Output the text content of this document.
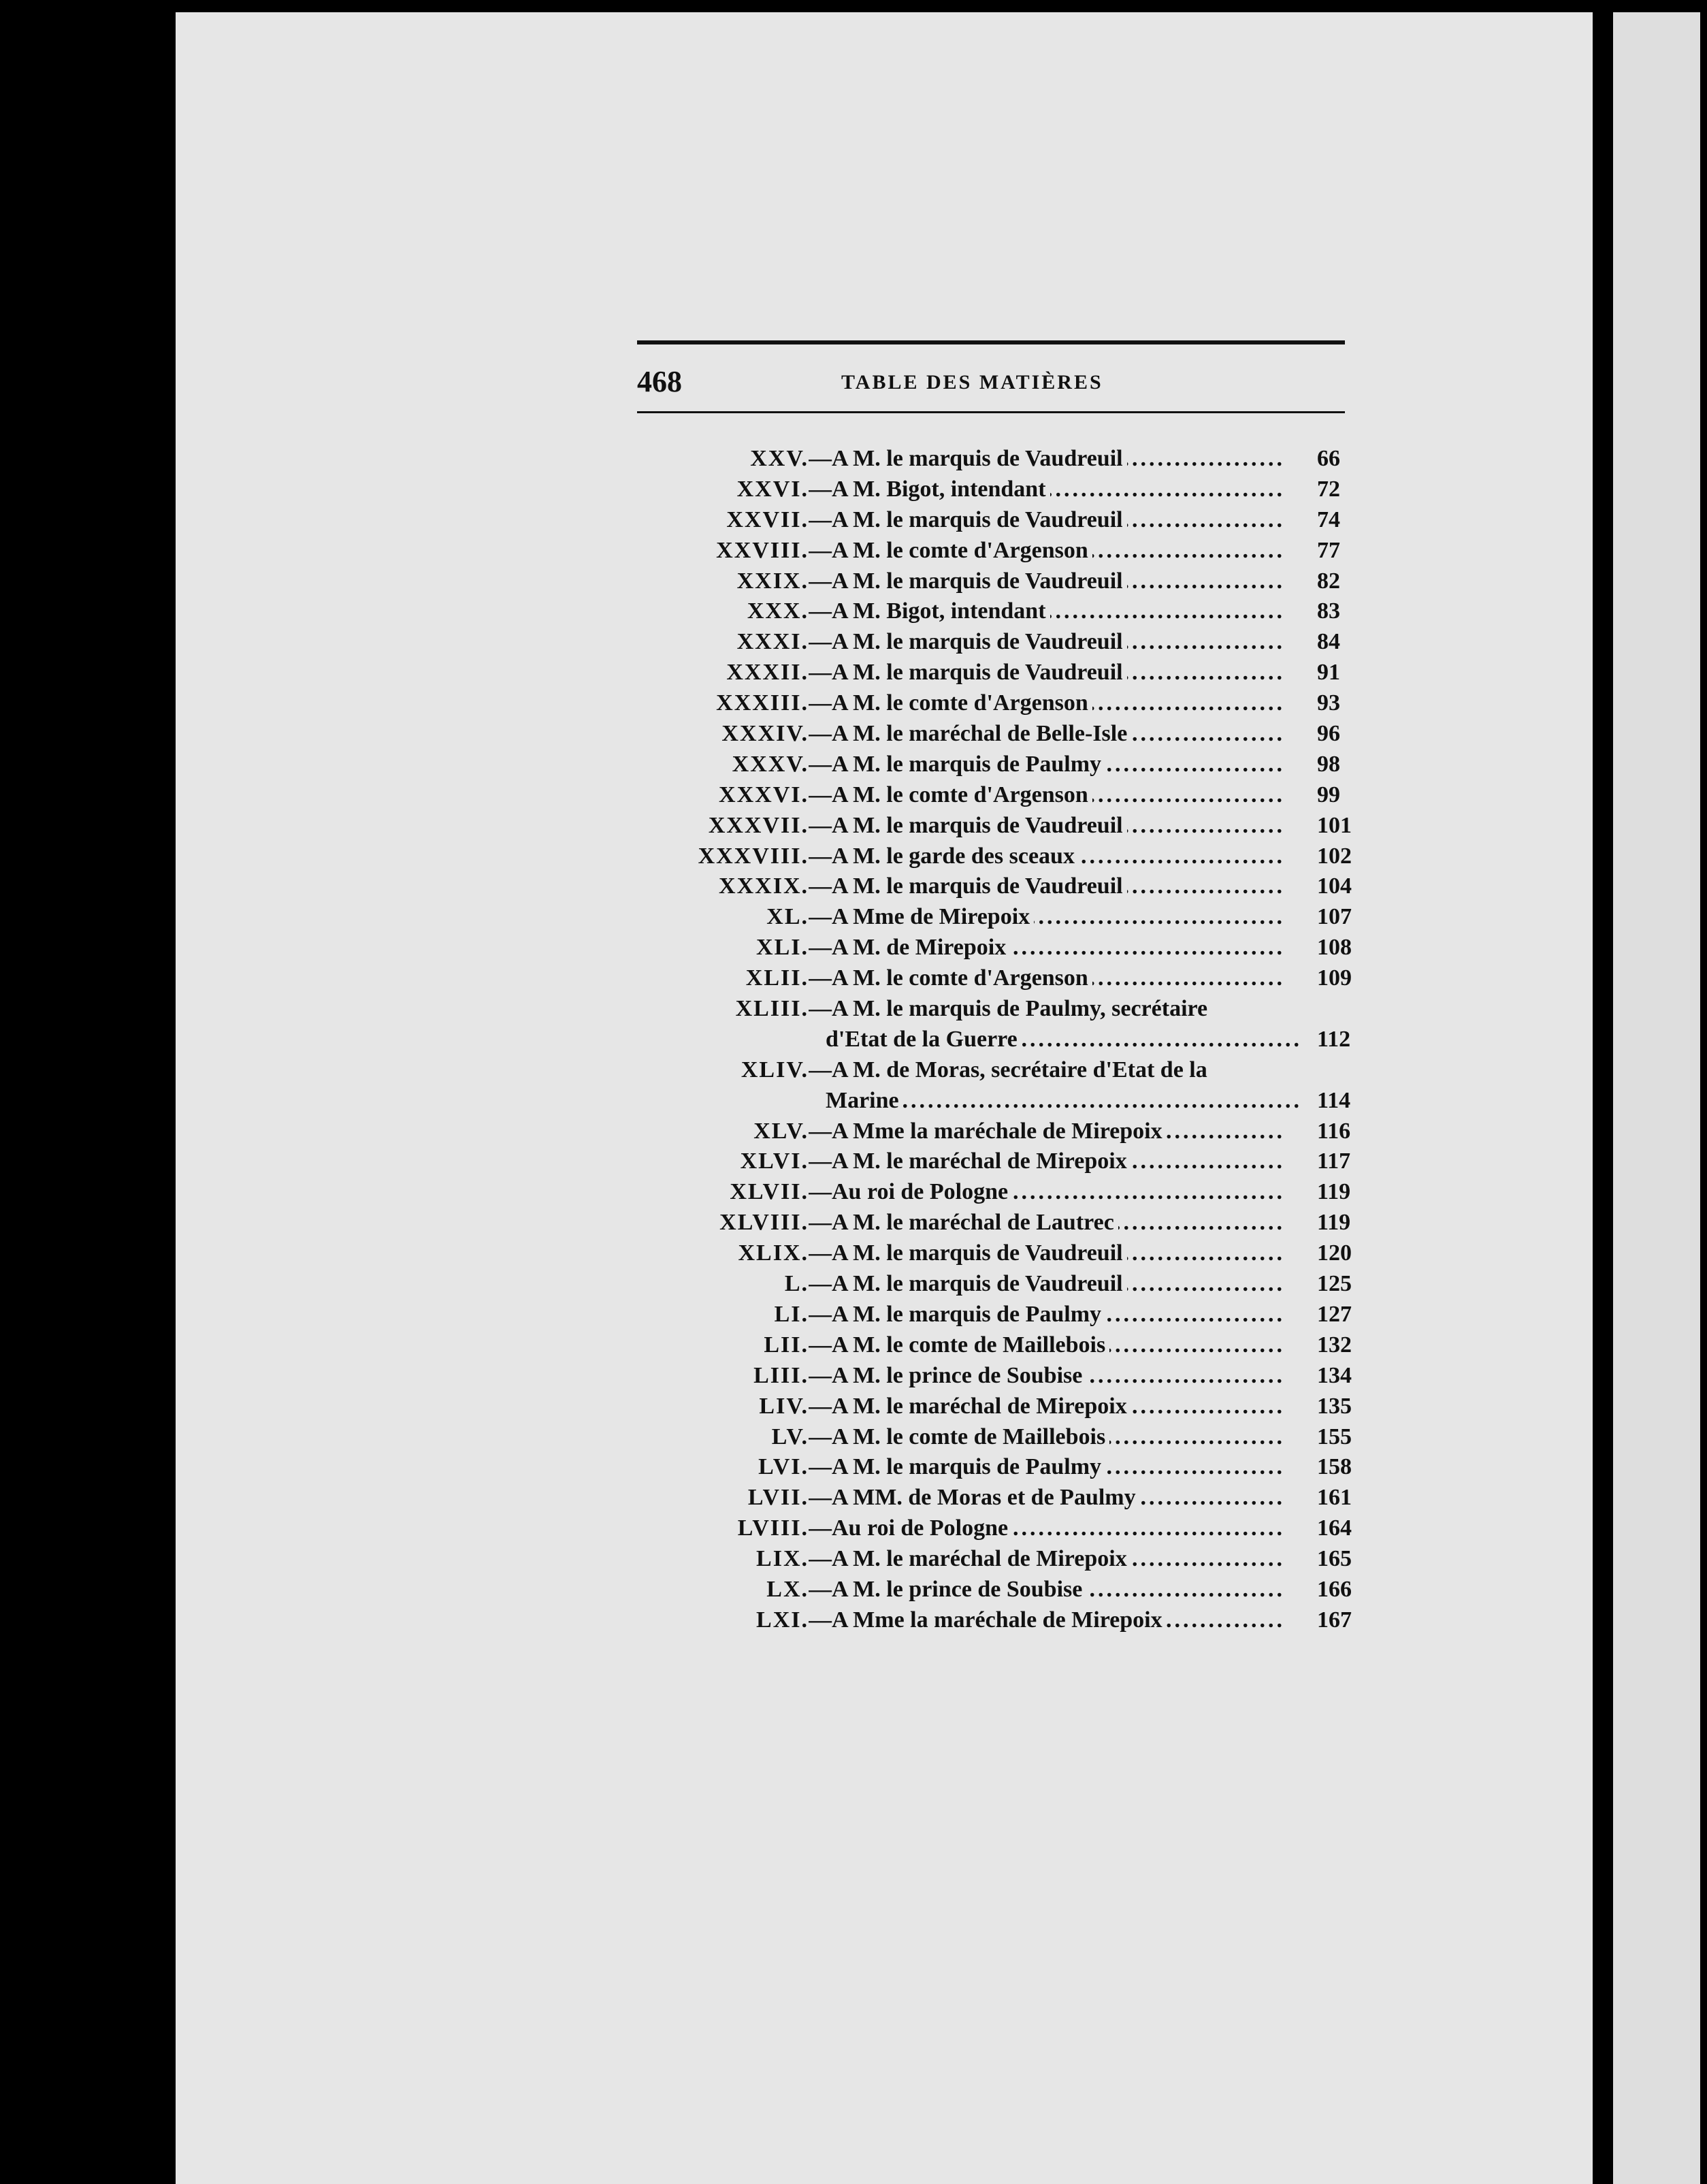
468	TABLE DES MATIÈRES
XXV. —A M. le marquis de Vaudreuil .....	66
XXVI. —A M. Bigot, intendant .....	72
XXVII. —A M. le marquis de Vaudreuil .....	74
XXVIII. —A M. le comte d'Argenson .....	77
XXIX. —A M. le marquis de Vaudreuil .....	82
XXX. —A M. Bigot, intendant .....	83
XXXI. —A M. le marquis de Vaudreuil .....	84
XXXII. —A M. le marquis de Vaudreuil .....	91
XXXIII. —A M. le comte d'Argenson .....	93
XXXIV. —A M. le maréchal de Belle-Isle .....	96
XXXV. —A M. le marquis de Paulmy .....	98
XXXVI. —A M. le comte d'Argenson .....	99
XXXVII. —A M. le marquis de Vaudreuil .....	101
XXXVIII. —A M. le garde des sceaux .....	102
XXXIX. —A M. le marquis de Vaudreuil .....	104
XL. —A Mme de Mirepoix .....	107
XLI. —A M. de Mirepoix .....	108
XLII. —A M. le comte d'Argenson .....	109
XLIII. —A M. le marquis de Paulmy, secrétaire
d'Etat de la Guerre .....	112
XLIV. —A M. de Moras, secrétaire d'Etat de la
Marine .....	114
XLV. —A Mme la maréchale de Mirepoix .....	116
XLVI. —A M. le maréchal de Mirepoix .....	117
XLVII. —Au roi de Pologne .....	119
XLVIII. —A M. le maréchal de Lautrec .....	119
XLIX. —A M. le marquis de Vaudreuil .....	120
L. —A M. le marquis de Vaudreuil .....	125
LI. —A M. le marquis de Paulmy .....	127
LII. —A M. le comte de Maillebois .....	132
LIII. —A M. le prince de Soubise .....	134
LIV. —A M. le maréchal de Mirepoix .....	135
LV. —A M. le comte de Maillebois .....	155
LVI. —A M. le marquis de Paulmy .....	158
LVII. —A MM. de Moras et de Paulmy .....	161
LVIII. —Au roi de Pologne .....	164
LIX. —A M. le maréchal de Mirepoix .....	165
LX. —A M. le prince de Soubise .....	166
LXI. —A Mme la maréchale de Mirepoix .....	167
